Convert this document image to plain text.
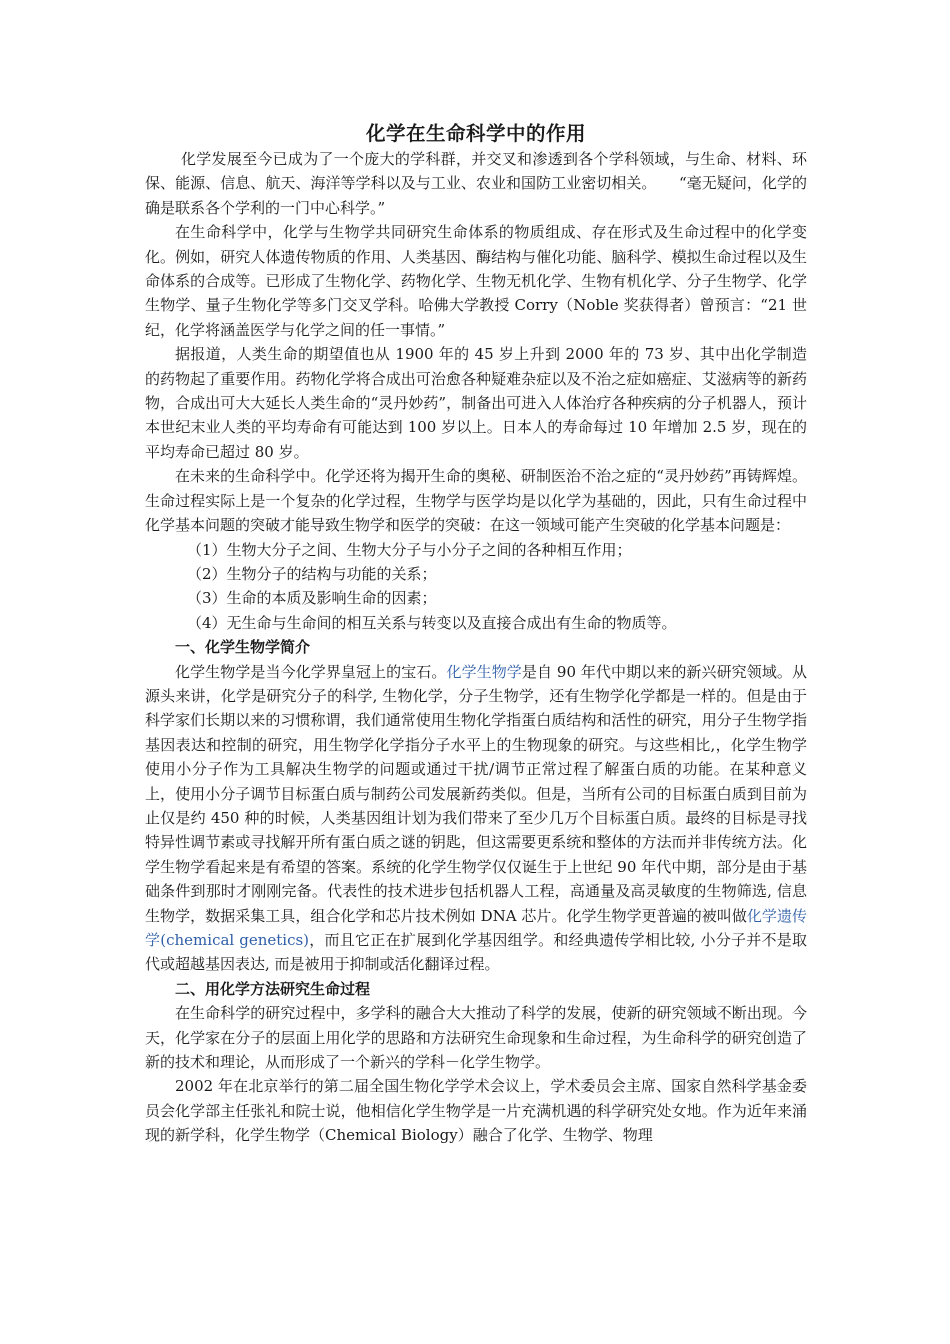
化学在生命科学中的作用

化学发展至今已成为了一个庞大的学科群，并交叉和渗透到各个学科领域，与生命、材料、环保、能源、信息、航天、海洋等学科以及与工业、农业和国防工业密切相关。　　“毫无疑问，化学的确是联系各个学利的一门中心科学。”

在生命科学中，化学与生物学共同研究生命体系的物质组成、存在形式及生命过程中的化学变化。例如，研究人体遗传物质的作用、人类基因、酶结构与催化功能、脑科学、模拟生命过程以及生命体系的合成等。已形成了生物化学、药物化学、生物无机化学、生物有机化学、分子生物学、化学生物学、量子生物化学等多门交叉学科。哈佛大学教授 Corry（Noble 奖获得者）曾预言：“21 世纪，化学将涵盖医学与化学之间的任一事情。”

据报道，人类生命的期望值也从 1900 年的 45 岁上升到 2000 年的 73 岁、其中出化学制造的药物起了重要作用。药物化学将合成出可治愈各种疑难杂症以及不治之症如癌症、艾滋病等的新药物，合成出可大大延长人类生命的“灵丹妙药”，制备出可进入人体治疗各种疾病的分子机器人，预计本世纪末业人类的平均寿命有可能达到 100 岁以上。日本人的寿命每过 10 年增加 2.5 岁，现在的平均寿命已超过 80 岁。

在未来的生命科学中。化学还将为揭开生命的奥秘、研制医治不治之症的“灵丹妙药”再铸辉煌。生命过程实际上是一个复杂的化学过程，生物学与医学均是以化学为基础的，因此，只有生命过程中化学基本问题的突破才能导致生物学和医学的突破：在这一领域可能产生突破的化学基本问题是：

（1）生物大分子之间、生物大分子与小分子之间的各种相互作用；
（2）生物分子的结构与功能的关系；
（3）生命的本质及影响生命的因素；
（4）无生命与生命间的相互关系与转变以及直接合成出有生命的物质等。
一、化学生物学简介

化学生物学是当今化学界皇冠上的宝石。化学生物学是自 90 年代中期以来的新兴研究领域。从源头来讲，化学是研究分子的科学, 生物化学，分子生物学，还有生物学化学都是一样的。但是由于科学家们长期以来的习惯称谓，我们通常使用生物化学指蛋白质结构和活性的研究，用分子生物学指基因表达和控制的研究，用生物学化学指分子水平上的生物现象的研究。与这些相比,，化学生物学使用小分子作为工具解决生物学的问题或通过干扰/调节正常过程了解蛋白质的功能。在某种意义上，使用小分子调节目标蛋白质与制药公司发展新药类似。但是，当所有公司的目标蛋白质到目前为止仅是约 450 种的时候，人类基因组计划为我们带来了至少几万个目标蛋白质。最终的目标是寻找特异性调节素或寻找解开所有蛋白质之谜的钥匙，但这需要更系统和整体的方法而并非传统方法。化学生物学看起来是有希望的答案。系统的化学生物学仅仅诞生于上世纪 90 年代中期，部分是由于基础条件到那时才刚刚完备。代表性的技术进步包括机器人工程，高通量及高灵敏度的生物筛选, 信息生物学，数据采集工具，组合化学和芯片技术例如 DNA 芯片。化学生物学更普遍的被叫做化学遗传学(chemical genetics)，而且它正在扩展到化学基因组学。和经典遗传学相比较, 小分子并不是取代或超越基因表达, 而是被用于抑制或活化翻译过程。

二、用化学方法研究生命过程

在生命科学的研究过程中，多学科的融合大大推动了科学的发展，使新的研究领域不断出现。今天，化学家在分子的层面上用化学的思路和方法研究生命现象和生命过程，为生命科学的研究创造了新的技术和理论，从而形成了一个新兴的学科－化学生物学。

2002 年在北京举行的第二届全国生物化学学术会议上，学术委员会主席、国家自然科学基金委员会化学部主任张礼和院士说，他相信化学生物学是一片充满机遇的科学研究处女地。作为近年来涌现的新学科，化学生物学（Chemical Biology）融合了化学、生物学、物理
